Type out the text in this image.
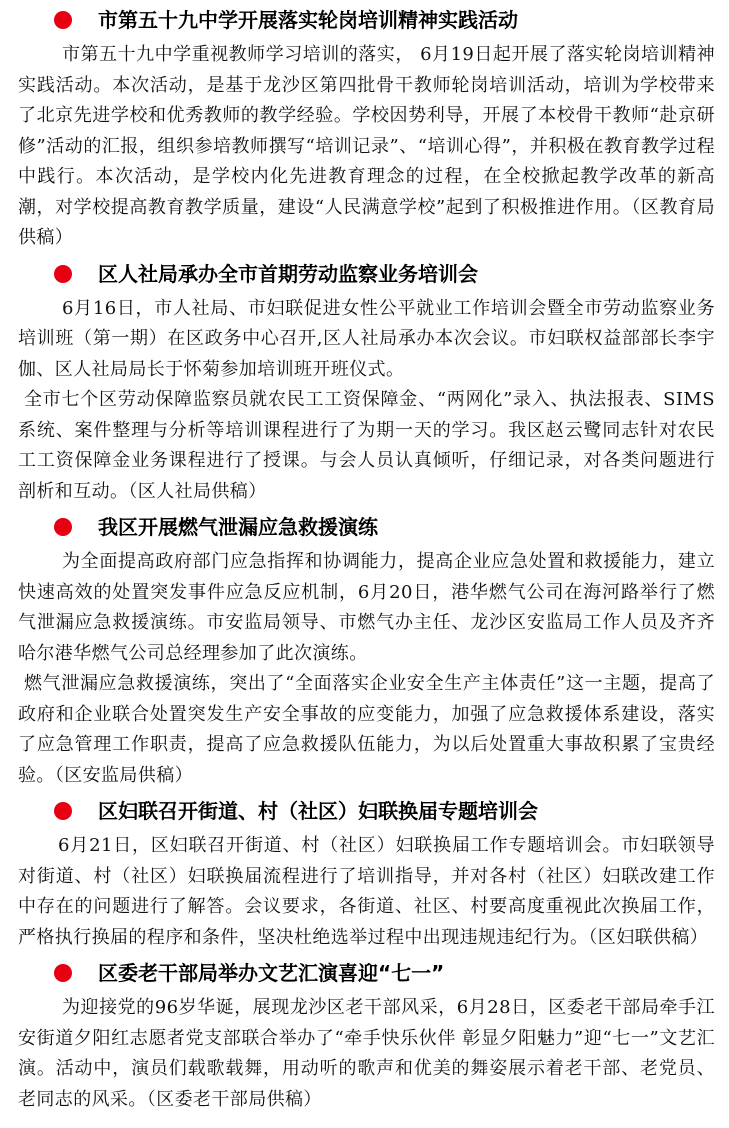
市第五十九中学开展落实轮岗培训精神实践活动

市第五十九中学重视教师学习培训的落实， 6月19日起开展了落实轮岗培训精神实践活动。本次活动，是基于龙沙区第四批骨干教师轮岗培训活动，培训为学校带来了北京先进学校和优秀教师的教学经验。学校因势利导，开展了本校骨干教师“赴京研修”活动的汇报，组织参培教师撰写“培训记录”、“培训心得”，并积极在教育教学过程中践行。本次活动，是学校内化先进教育理念的过程，在全校掀起教学改革的新高潮，对学校提高教育教学质量，建设“人民满意学校”起到了积极推进作用。（区教育局供稿）

区人社局承办全市首期劳动监察业务培训会

6月16日，市人社局、市妇联促进女性公平就业工作培训会暨全市劳动监察业务培训班（第一期）在区政务中心召开,区人社局承办本次会议。市妇联权益部部长李宇伽、区人社局局长于怀菊参加培训班开班仪式。

全市七个区劳动保障监察员就农民工工资保障金、“两网化”录入、执法报表、SIMS系统、案件整理与分析等培训课程进行了为期一天的学习。我区赵云鹭同志针对农民工工资保障金业务课程进行了授课。与会人员认真倾听，仔细记录，对各类问题进行剖析和互动。（区人社局供稿）

我区开展燃气泄漏应急救援演练

为全面提高政府部门应急指挥和协调能力，提高企业应急处置和救援能力，建立快速高效的处置突发事件应急反应机制，6月20日，港华燃气公司在海河路举行了燃气泄漏应急救援演练。市安监局领导、市燃气办主任、龙沙区安监局工作人员及齐齐哈尔港华燃气公司总经理参加了此次演练。

燃气泄漏应急救援演练，突出了“全面落实企业安全生产主体责任”这一主题，提高了政府和企业联合处置突发生产安全事故的应变能力，加强了应急救援体系建设，落实了应急管理工作职责，提高了应急救援队伍能力，为以后处置重大事故积累了宝贵经验。（区安监局供稿）

区妇联召开街道、村（社区）妇联换届专题培训会

6月21日，区妇联召开街道、村（社区）妇联换届工作专题培训会。市妇联领导对街道、村（社区）妇联换届流程进行了培训指导，并对各村（社区）妇联改建工作中存在的问题进行了解答。会议要求，各街道、社区、村要高度重视此次换届工作，严格执行换届的程序和条件，坚决杜绝选举过程中出现违规违纪行为。（区妇联供稿）

区委老干部局举办文艺汇演喜迎“七一”

为迎接党的96岁华诞，展现龙沙区老干部风采，6月28日，区委老干部局牵手江安街道夕阳红志愿者党支部联合举办了“牵手快乐伙伴 彰显夕阳魅力”迎“七一”文艺汇演。活动中，演员们载歌载舞，用动听的歌声和优美的舞姿展示着老干部、老党员、老同志的风采。（区委老干部局供稿）
